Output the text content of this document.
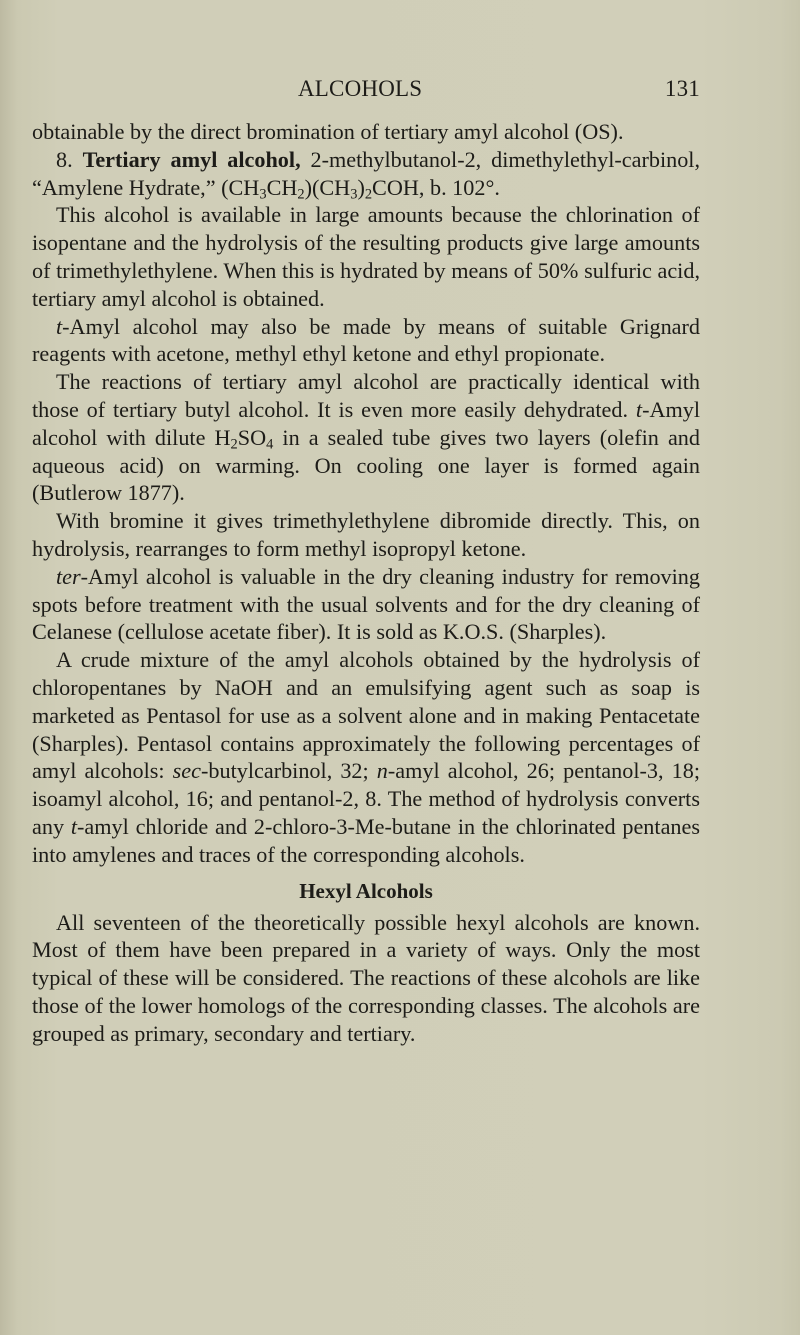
ALCOHOLS	131

obtainable by the direct bromination of tertiary amyl alcohol (OS).

8. Tertiary amyl alcohol, 2-methylbutanol-2, dimethylethyl-carbinol, “Amylene Hydrate,” $(CH_3CH_2)(CH_3)_2COH$, b. 102°.

This alcohol is available in large amounts because the chlorination of isopentane and the hydrolysis of the resulting products give large amounts of trimethylethylene. When this is hydrated by means of 50% sulfuric acid, tertiary amyl alcohol is obtained.

t-Amyl alcohol may also be made by means of suitable Grignard reagents with acetone, methyl ethyl ketone and ethyl propionate.

The reactions of tertiary amyl alcohol are practically identical with those of tertiary butyl alcohol. It is even more easily dehydrated. t-Amyl alcohol with dilute $H_2SO_4$ in a sealed tube gives two layers (olefin and aqueous acid) on warming. On cooling one layer is formed again (Butlerow 1877).

With bromine it gives trimethylethylene dibromide directly. This, on hydrolysis, rearranges to form methyl isopropyl ketone.

ter-Amyl alcohol is valuable in the dry cleaning industry for removing spots before treatment with the usual solvents and for the dry cleaning of Celanese (cellulose acetate fiber). It is sold as K.O.S. (Sharples).

A crude mixture of the amyl alcohols obtained by the hydrolysis of chloropentanes by NaOH and an emulsifying agent such as soap is marketed as Pentasol for use as a solvent alone and in making Pentacetate (Sharples). Pentasol contains approximately the following percentages of amyl alcohols: sec-butylcarbinol, 32; n-amyl alcohol, 26; pentanol-3, 18; isoamyl alcohol, 16; and pentanol-2, 8. The method of hydrolysis converts any t-amyl chloride and 2-chloro-3-Me-butane in the chlorinated pentanes into amylenes and traces of the corresponding alcohols.

Hexyl Alcohols

All seventeen of the theoretically possible hexyl alcohols are known. Most of them have been prepared in a variety of ways. Only the most typical of these will be considered. The reactions of these alcohols are like those of the lower homologs of the corresponding classes. The alcohols are grouped as primary, secondary and tertiary.
